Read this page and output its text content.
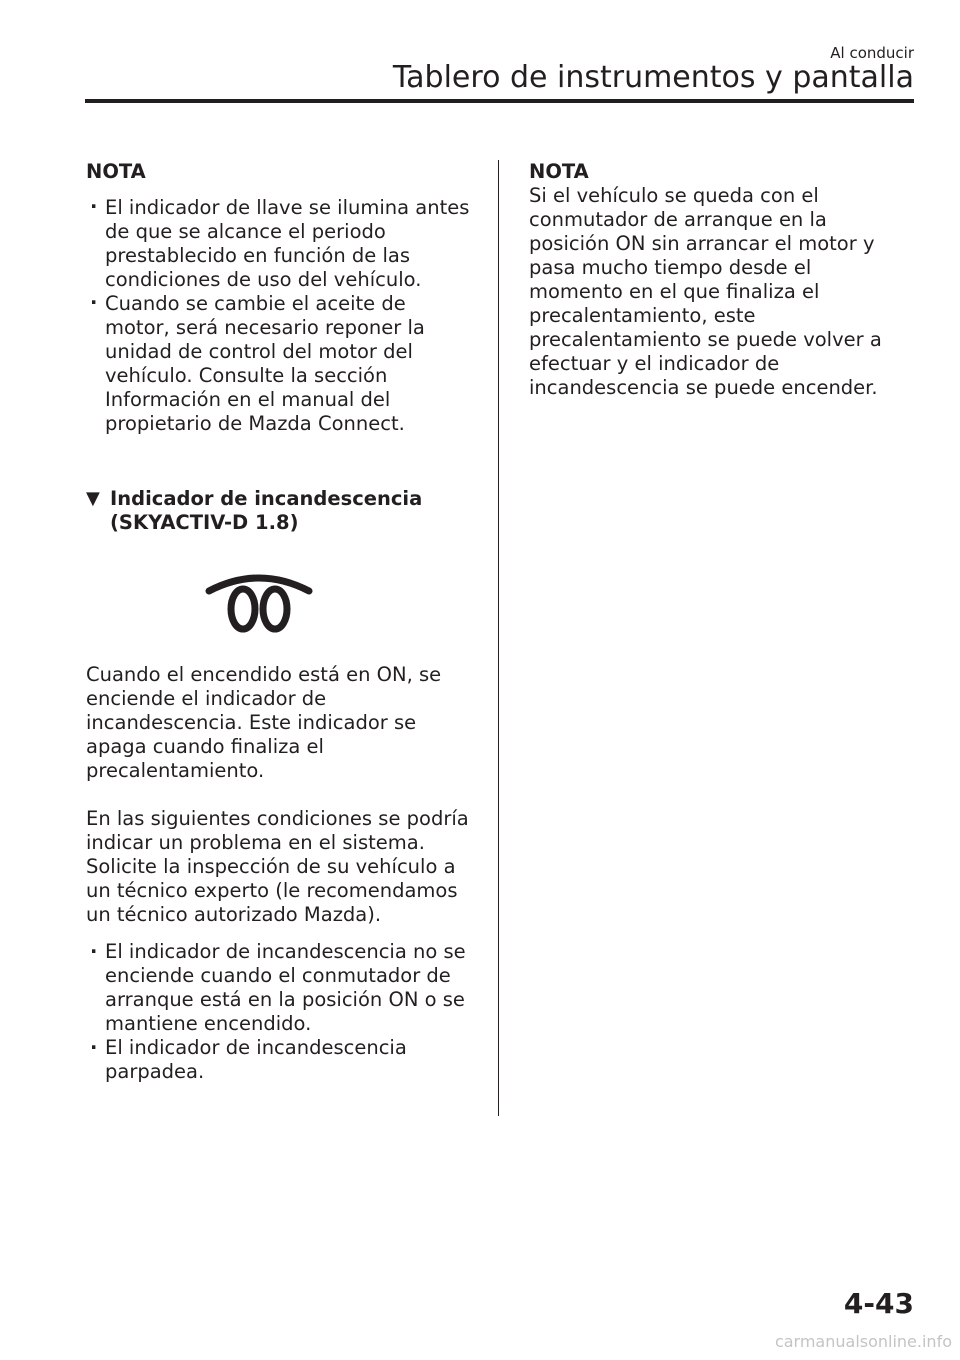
Al conducir
Tablero de instrumentos y pantalla
NOTA
· El indicador de llave se ilumina antes de que se alcance el periodo prestablecido en función de las condiciones de uso del vehículo.
· Cuando se cambie el aceite de motor, será necesario reponer la unidad de control del motor del vehículo. Consulte la sección Información en el manual del propietario de Mazda Connect.
▼ Indicador de incandescencia (SKYACTIV-D 1.8)

Cuando el encendido está en ON, se enciende el indicador de incandescencia. Este indicador se apaga cuando finaliza el precalentamiento.

En las siguientes condiciones se podría indicar un problema en el sistema. Solicite la inspección de su vehículo a un técnico experto (le recomendamos un técnico autorizado Mazda).

· El indicador de incandescencia no se enciende cuando el conmutador de arranque está en la posición ON o se mantiene encendido.
· El indicador de incandescencia parpadea.
NOTA

Si el vehículo se queda con el conmutador de arranque en la posición ON sin arrancar el motor y pasa mucho tiempo desde el momento en el que finaliza el precalentamiento, este precalentamiento se puede volver a efectuar y el indicador de incandescencia se puede encender.

4-43
carmanualsonline.info
